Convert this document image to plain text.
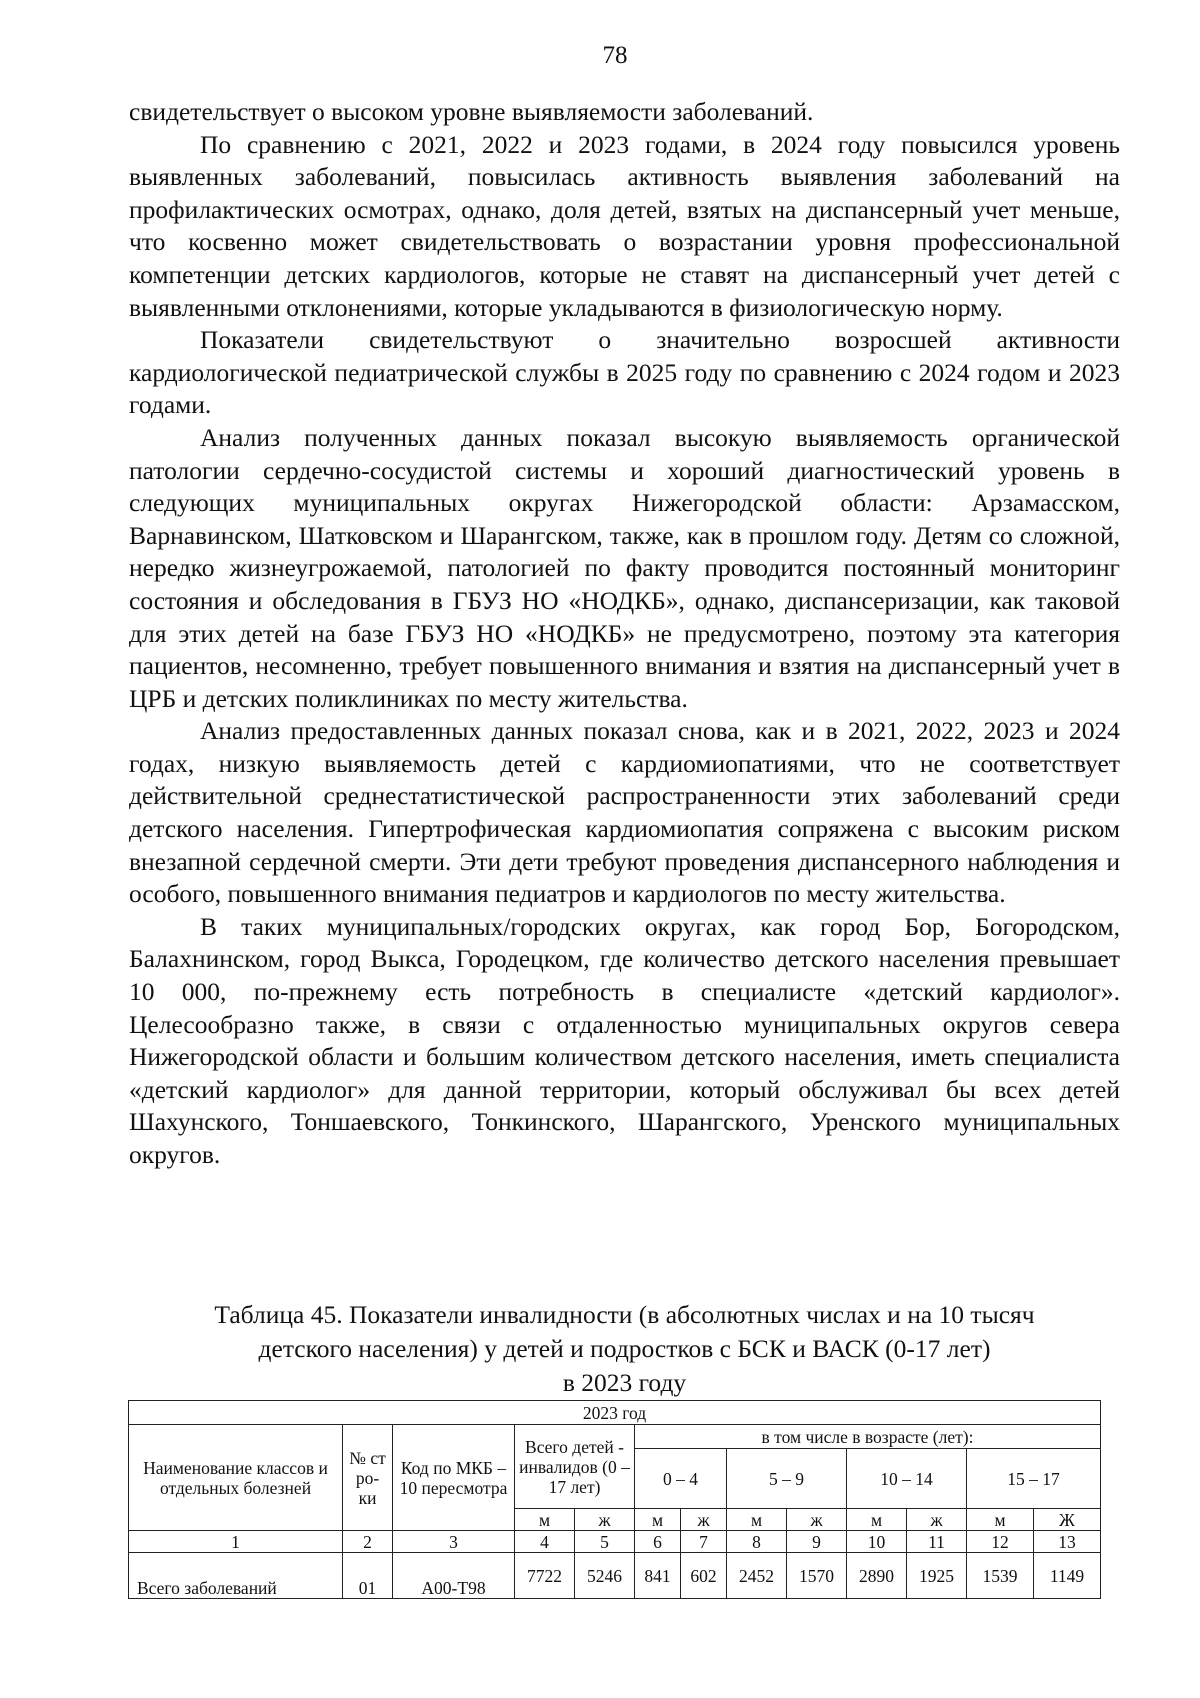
78

свидетельствует о высоком уровне выявляемости заболеваний.

По сравнению с 2021, 2022 и 2023 годами, в 2024 году повысился уровень выявленных заболеваний, повысилась активность выявления заболеваний на профилактических осмотрах, однако, доля детей, взятых на диспансерный учет меньше, что косвенно может свидетельствовать о возрастании уровня профессиональной компетенции детских кардиологов, которые не ставят на диспансерный учет детей с выявленными отклонениями, которые укладываются в физиологическую норму.

Показатели свидетельствуют о значительно возросшей активности кардиологической педиатрической службы в 2025 году по сравнению с 2024 годом и 2023 годами.

Анализ полученных данных показал высокую выявляемость органической патологии сердечно-сосудистой системы и хороший диагностический уровень в следующих муниципальных округах Нижегородской области: Арзамасском, Варнавинском, Шатковском и Шарангском, также, как в прошлом году. Детям со сложной, нередко жизнеугрожаемой, патологией по факту проводится постоянный мониторинг состояния и обследования в ГБУЗ НО «НОДКБ», однако, диспансеризации, как таковой для этих детей на базе ГБУЗ НО «НОДКБ» не предусмотрено, поэтому эта категория пациентов, несомненно, требует повышенного внимания и взятия на диспансерный учет в ЦРБ и детских поликлиниках по месту жительства.

Анализ предоставленных данных показал снова, как и в 2021, 2022, 2023 и 2024 годах, низкую выявляемость детей с кардиомиопатиями, что не соответствует действительной среднестатистической распространенности этих заболеваний среди детского населения. Гипертрофическая кардиомиопатия сопряжена с высоким риском внезапной сердечной смерти. Эти дети требуют проведения диспансерного наблюдения и особого, повышенного внимания педиатров и кардиологов по месту жительства.

В таких муниципальных/городских округах, как город Бор, Богородском, Балахнинском, город Выкса, Городецком, где количество детского населения превышает 10 000, по-прежнему есть потребность в специалисте «детский кардиолог». Целесообразно также, в связи с отдаленностью муниципальных округов севера Нижегородской области и большим количеством детского населения, иметь специалиста «детский кардиолог» для данной территории, который обслуживал бы всех детей Шахунского, Тоншаевского, Тонкинского, Шарангского, Уренского муниципальных округов.

Таблица 45. Показатели инвалидности (в абсолютных числах и на 10 тысяч
детского населения) у детей и подростков с БСК и ВАСК (0-17 лет)
в 2023 году
2023 год												
Наименование классов и отдельных болезней	№ ст ро- ки	Код по МКБ – 10 пересмотра	Всего детей - инвалидов (0 – 17 лет)		в том числе в возрасте (лет):							
					0 – 4		5 – 9		10 – 14		15 – 17	
			м	ж	м	ж	м	ж	м	ж	м	Ж
1	2	3	4	5	6	7	8	9	10	11	12	13
Всего заболеваний	01	А00-Т98	7722	5246	841	602	2452	1570	2890	1925	1539	1149
